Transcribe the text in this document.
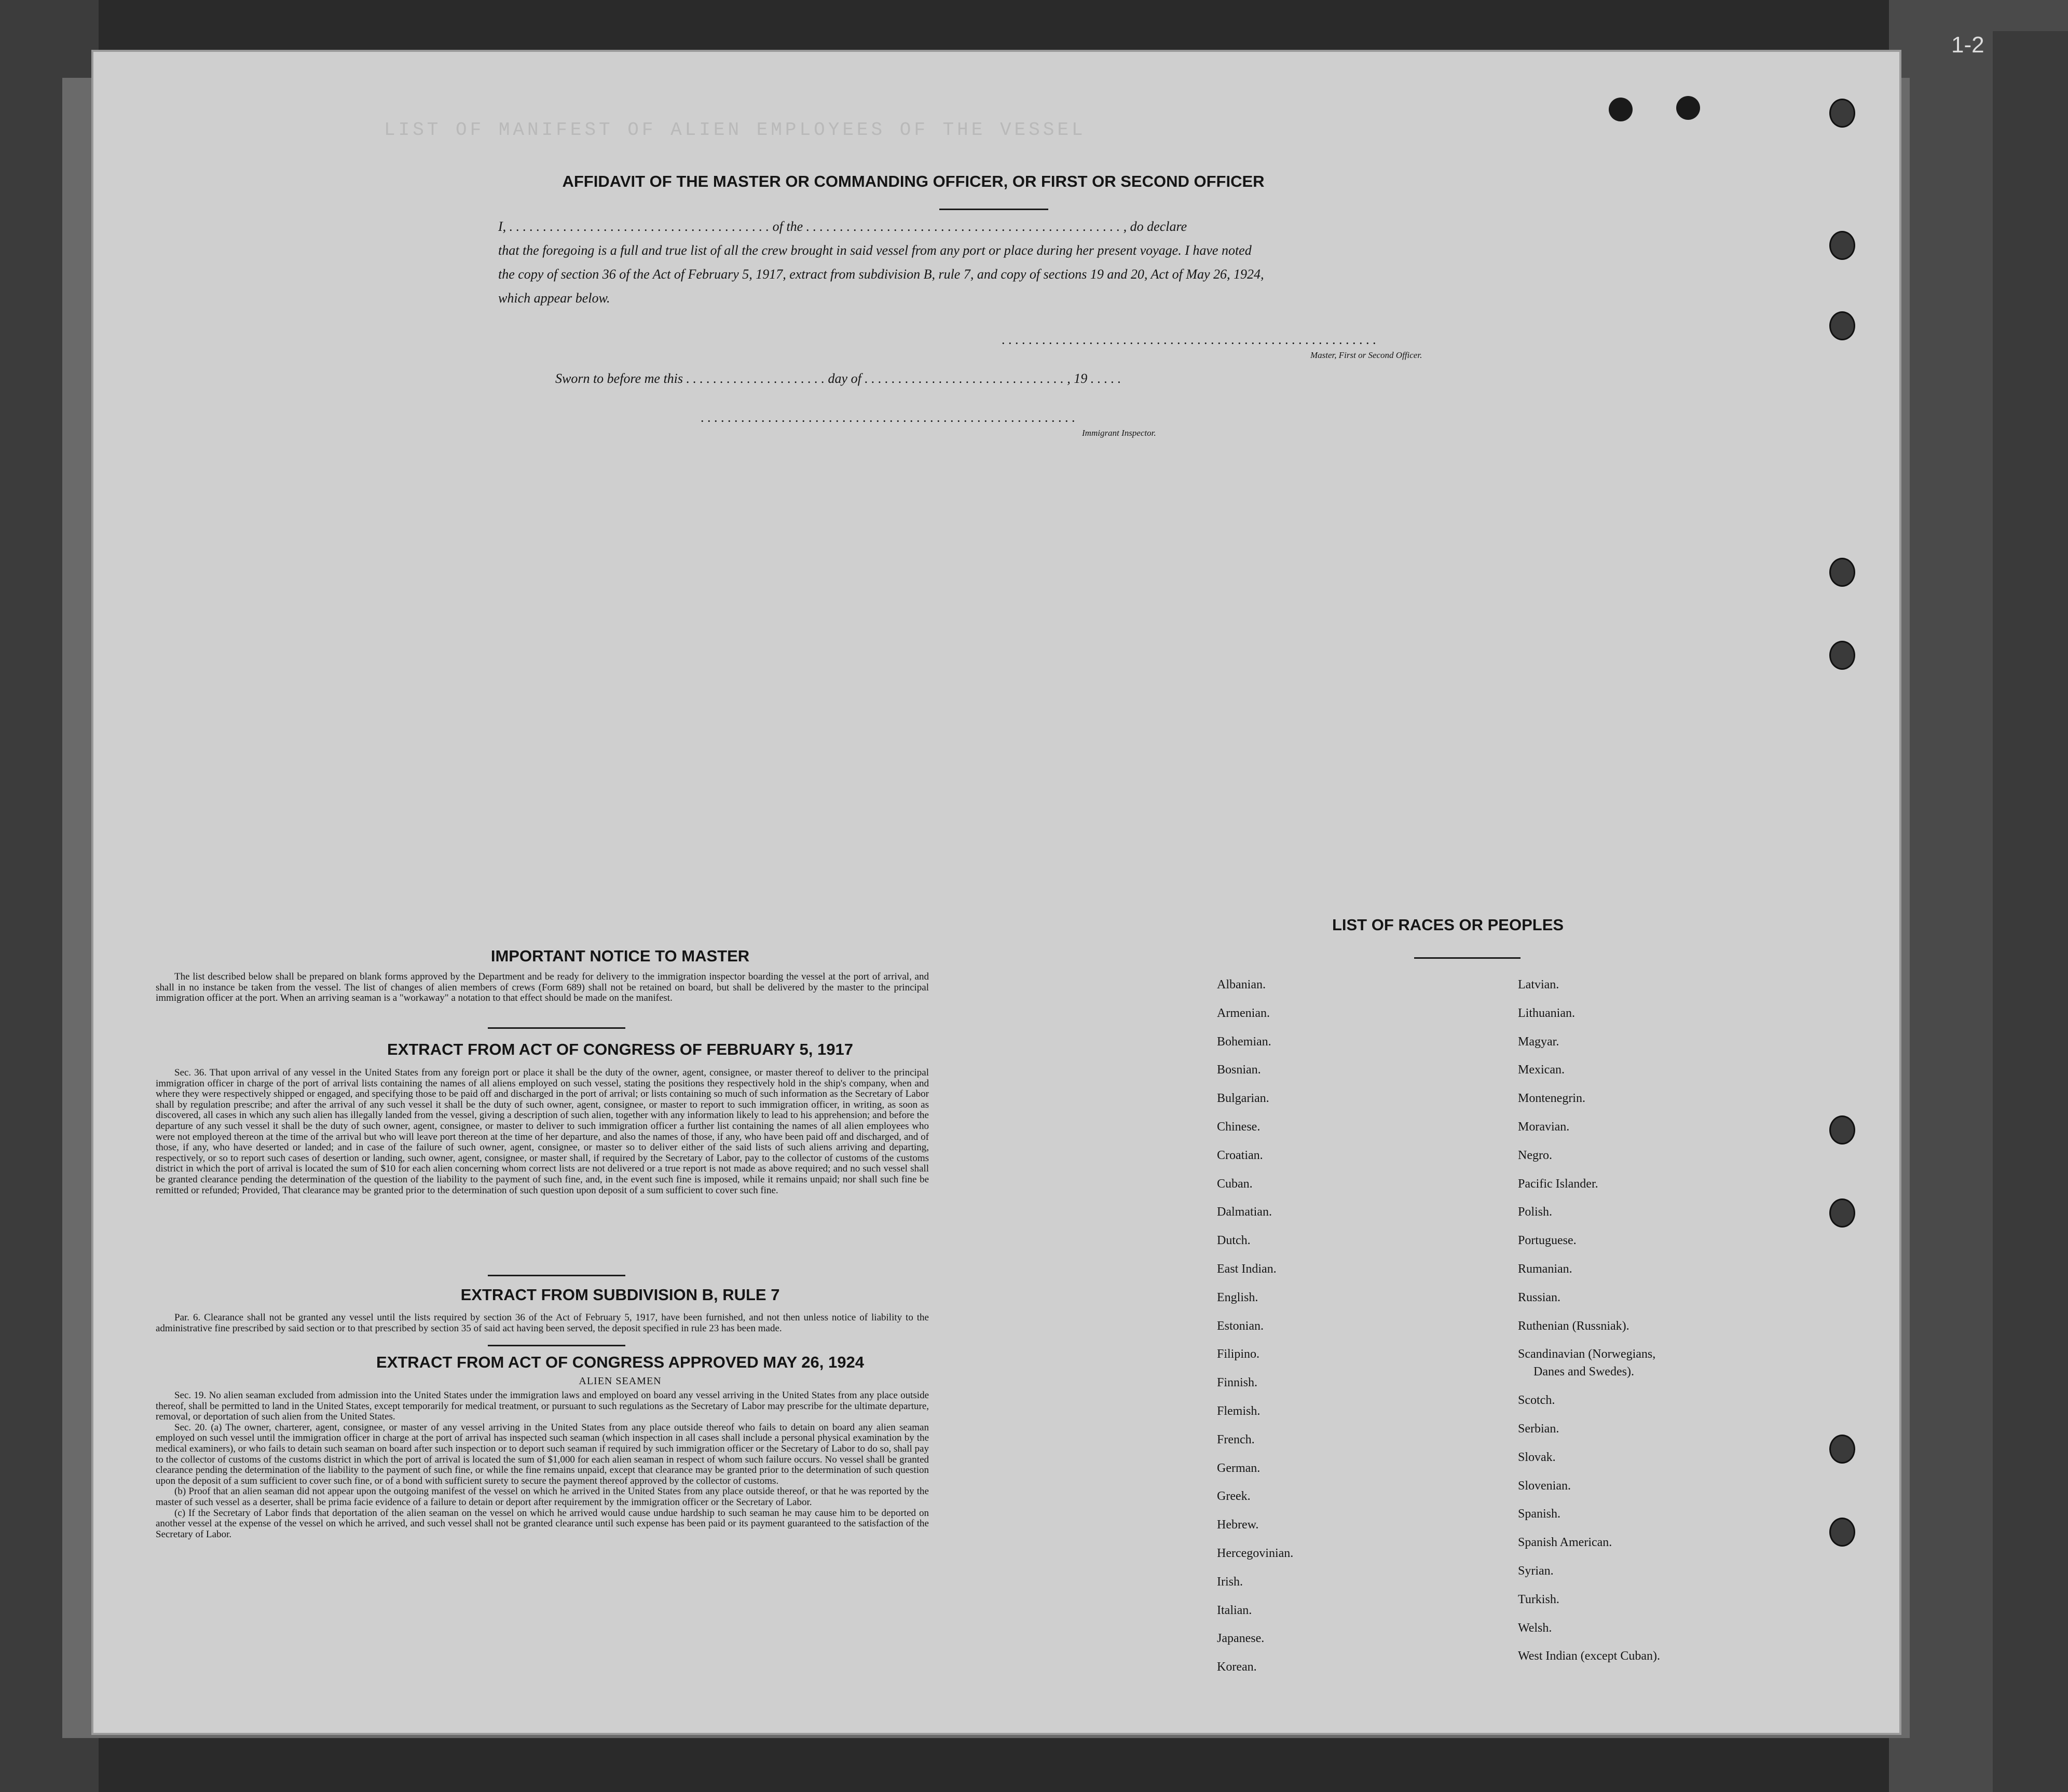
1-2
AFFIDAVIT OF THE MASTER OR COMMANDING OFFICER, OR FIRST OR SECOND OFFICER
I, . . . . . . . . . . . . . . . . . . . . . . . . . . . . . . . . . . . . . . . of the . . . . . . . . . . . . . . . . . . . . . . . . . . . . . . . . . . . . . . . . . . . . . . . , do declare
that the foregoing is a full and true list of all the crew brought in said vessel from any port or place during her present voyage. I have noted
the copy of section 36 of the Act of February 5, 1917, extract from subdivision B, rule 7, and copy of sections 19 and 20, Act of May 26, 1924,
which appear below.
. . . . . . . . . . . . . . . . . . . . . . . . . . . . . . . . . . . . . . . . . . . . . . . . . . . . . . . .
Master, First or Second Officer.
Sworn to before me this . . . . . . . . . . . . . . . . . . . . . day of . . . . . . . . . . . . . . . . . . . . . . . . . . . . . . , 19 . . . . .
. . . . . . . . . . . . . . . . . . . . . . . . . . . . . . . . . . . . . . . . . . . . . . . . . . . . . . . .
Immigrant Inspector.
IMPORTANT NOTICE TO MASTER

The list described below shall be prepared on blank forms approved by the Department and be ready for delivery to the immigration inspector boarding the vessel at the port of arrival, and shall in no instance be taken from the vessel. The list of changes of alien members of crews (Form 689) shall not be retained on board, but shall be delivered by the master to the principal immigration officer at the port. When an arriving seaman is a "workaway" a notation to that effect should be made on the manifest.

EXTRACT FROM ACT OF CONGRESS OF FEBRUARY 5, 1917

Sec. 36. That upon arrival of any vessel in the United States from any foreign port or place it shall be the duty of the owner, agent, consignee, or master thereof to deliver to the principal immigration officer in charge of the port of arrival lists containing the names of all aliens employed on such vessel, stating the positions they respectively hold in the ship's company, when and where they were respectively shipped or engaged, and specifying those to be paid off and discharged in the port of arrival; or lists containing so much of such information as the Secretary of Labor shall by regulation prescribe; and after the arrival of any such vessel it shall be the duty of such owner, agent, consignee, or master to report to such immigration officer, in writing, as soon as discovered, all cases in which any such alien has illegally landed from the vessel, giving a description of such alien, together with any information likely to lead to his apprehension; and before the departure of any such vessel it shall be the duty of such owner, agent, consignee, or master to deliver to such immigration officer a further list containing the names of all alien employees who were not employed thereon at the time of the arrival but who will leave port thereon at the time of her departure, and also the names of those, if any, who have been paid off and discharged, and of those, if any, who have deserted or landed; and in case of the failure of such owner, agent, consignee, or master so to deliver either of the said lists of such aliens arriving and departing, respectively, or so to report such cases of desertion or landing, such owner, agent, consignee, or master shall, if required by the Secretary of Labor, pay to the collector of customs of the customs district in which the port of arrival is located the sum of $10 for each alien concerning whom correct lists are not delivered or a true report is not made as above required; and no such vessel shall be granted clearance pending the determination of the question of the liability to the payment of such fine, and, in the event such fine is imposed, while it remains unpaid; nor shall such fine be remitted or refunded; Provided, That clearance may be granted prior to the determination of such question upon deposit of a sum sufficient to cover such fine.

EXTRACT FROM SUBDIVISION B, RULE 7

Par. 6. Clearance shall not be granted any vessel until the lists required by section 36 of the Act of February 5, 1917, have been furnished, and not then unless notice of liability to the administrative fine prescribed by said section or to that prescribed by section 35 of said act having been served, the deposit specified in rule 23 has been made.

EXTRACT FROM ACT OF CONGRESS APPROVED MAY 26, 1924
ALIEN SEAMEN

Sec. 19. No alien seaman excluded from admission into the United States under the immigration laws and employed on board any vessel arriving in the United States from any place outside thereof, shall be permitted to land in the United States, except temporarily for medical treatment, or pursuant to such regulations as the Secretary of Labor may prescribe for the ultimate departure, removal, or deportation of such alien from the United States.

Sec. 20. (a) The owner, charterer, agent, consignee, or master of any vessel arriving in the United States from any place outside thereof who fails to detain on board any alien seaman employed on such vessel until the immigration officer in charge at the port of arrival has inspected such seaman (which inspection in all cases shall include a personal physical examination by the medical examiners), or who fails to detain such seaman on board after such inspection or to deport such seaman if required by such immigration officer or the Secretary of Labor to do so, shall pay to the collector of customs of the customs district in which the port of arrival is located the sum of $1,000 for each alien seaman in respect of whom such failure occurs. No vessel shall be granted clearance pending the determination of the liability to the payment of such fine, or while the fine remains unpaid, except that clearance may be granted prior to the determination of such question upon the deposit of a sum sufficient to cover such fine, or of a bond with sufficient surety to secure the payment thereof approved by the collector of customs.

(b) Proof that an alien seaman did not appear upon the outgoing manifest of the vessel on which he arrived in the United States from any place outside thereof, or that he was reported by the master of such vessel as a deserter, shall be prima facie evidence of a failure to detain or deport after requirement by the immigration officer or the Secretary of Labor.

(c) If the Secretary of Labor finds that deportation of the alien seaman on the vessel on which he arrived would cause undue hardship to such seaman he may cause him to be deported on another vessel at the expense of the vessel on which he arrived, and such vessel shall not be granted clearance until such expense has been paid or its payment guaranteed to the satisfaction of the Secretary of Labor.

LIST OF RACES OR PEOPLES
Albanian.
Armenian.
Bohemian.
Bosnian.
Bulgarian.
Chinese.
Croatian.
Cuban.
Dalmatian.
Dutch.
East Indian.
English.
Estonian.
Filipino.
Finnish.
Flemish.
French.
German.
Greek.
Hebrew.
Hercegovinian.
Irish.
Italian.
Japanese.
Korean.
Latvian.
Lithuanian.
Magyar.
Mexican.
Montenegrin.
Moravian.
Negro.
Pacific Islander.
Polish.
Portuguese.
Rumanian.
Russian.
Ruthenian (Russniak).
Scandinavian (Norwegians,
Danes and Swedes).
Scotch.
Serbian.
Slovak.
Slovenian.
Spanish.
Spanish American.
Syrian.
Turkish.
Welsh.
West Indian (except Cuban).
LIST OF MANIFEST OF ALIEN EMPLOYEES OF THE VESSEL
